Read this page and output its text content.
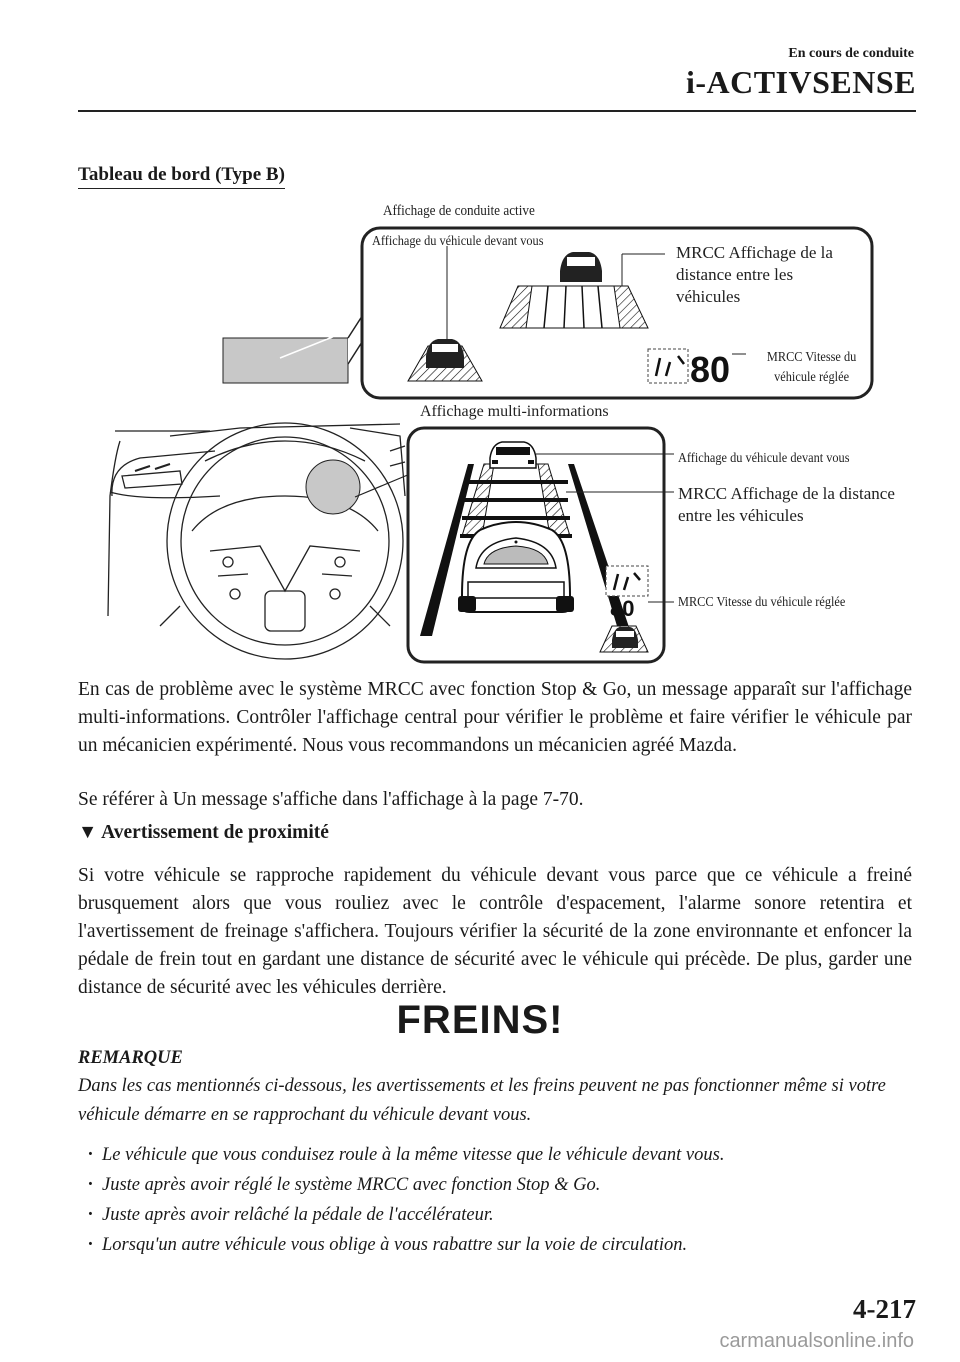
En cours de conduite
i-ACTIVSENSE
Tableau de bord (Type B)
80
80
Affichage de conduite active
Affichage du véhicule devant vous
MRCC Affichage de la distance entre les véhicules
MRCC Vitesse du véhicule réglée
Affichage multi-informations
Affichage du véhicule devant vous
MRCC Affichage de la distance entre les véhicules
MRCC Vitesse du véhicule réglée
En cas de problème avec le système MRCC avec fonction Stop & Go, un message apparaît sur l'affichage multi-informations. Contrôler l'affichage central pour vérifier le problème et faire vérifier le véhicule par un mécanicien expérimenté. Nous vous recommandons un mécanicien agréé Mazda.
Se référer à Un message s'affiche dans l'affichage à la page 7-70.
▼ Avertissement de proximité
Si votre véhicule se rapproche rapidement du véhicule devant vous parce que ce véhicule a freiné brusquement alors que vous rouliez avec le contrôle d'espacement, l'alarme sonore retentira et l'avertissement de freinage s'affichera. Toujours vérifier la sécurité de la zone environnante et enfoncer la pédale de frein tout en gardant une distance de sécurité avec le véhicule qui précède. De plus, garder une distance de sécurité avec les véhicules derrière.
FREINS!
REMARQUE
Dans les cas mentionnés ci-dessous, les avertissements et les freins peuvent ne pas fonctionner même si votre véhicule démarre en se rapprochant du véhicule devant vous.
· Le véhicule que vous conduisez roule à la même vitesse que le véhicule devant vous.
· Juste après avoir réglé le système MRCC avec fonction Stop & Go.
· Juste après avoir relâché la pédale de l'accélérateur.
· Lorsqu'un autre véhicule vous oblige à vous rabattre sur la voie de circulation.
4-217
carmanualsonline.info
